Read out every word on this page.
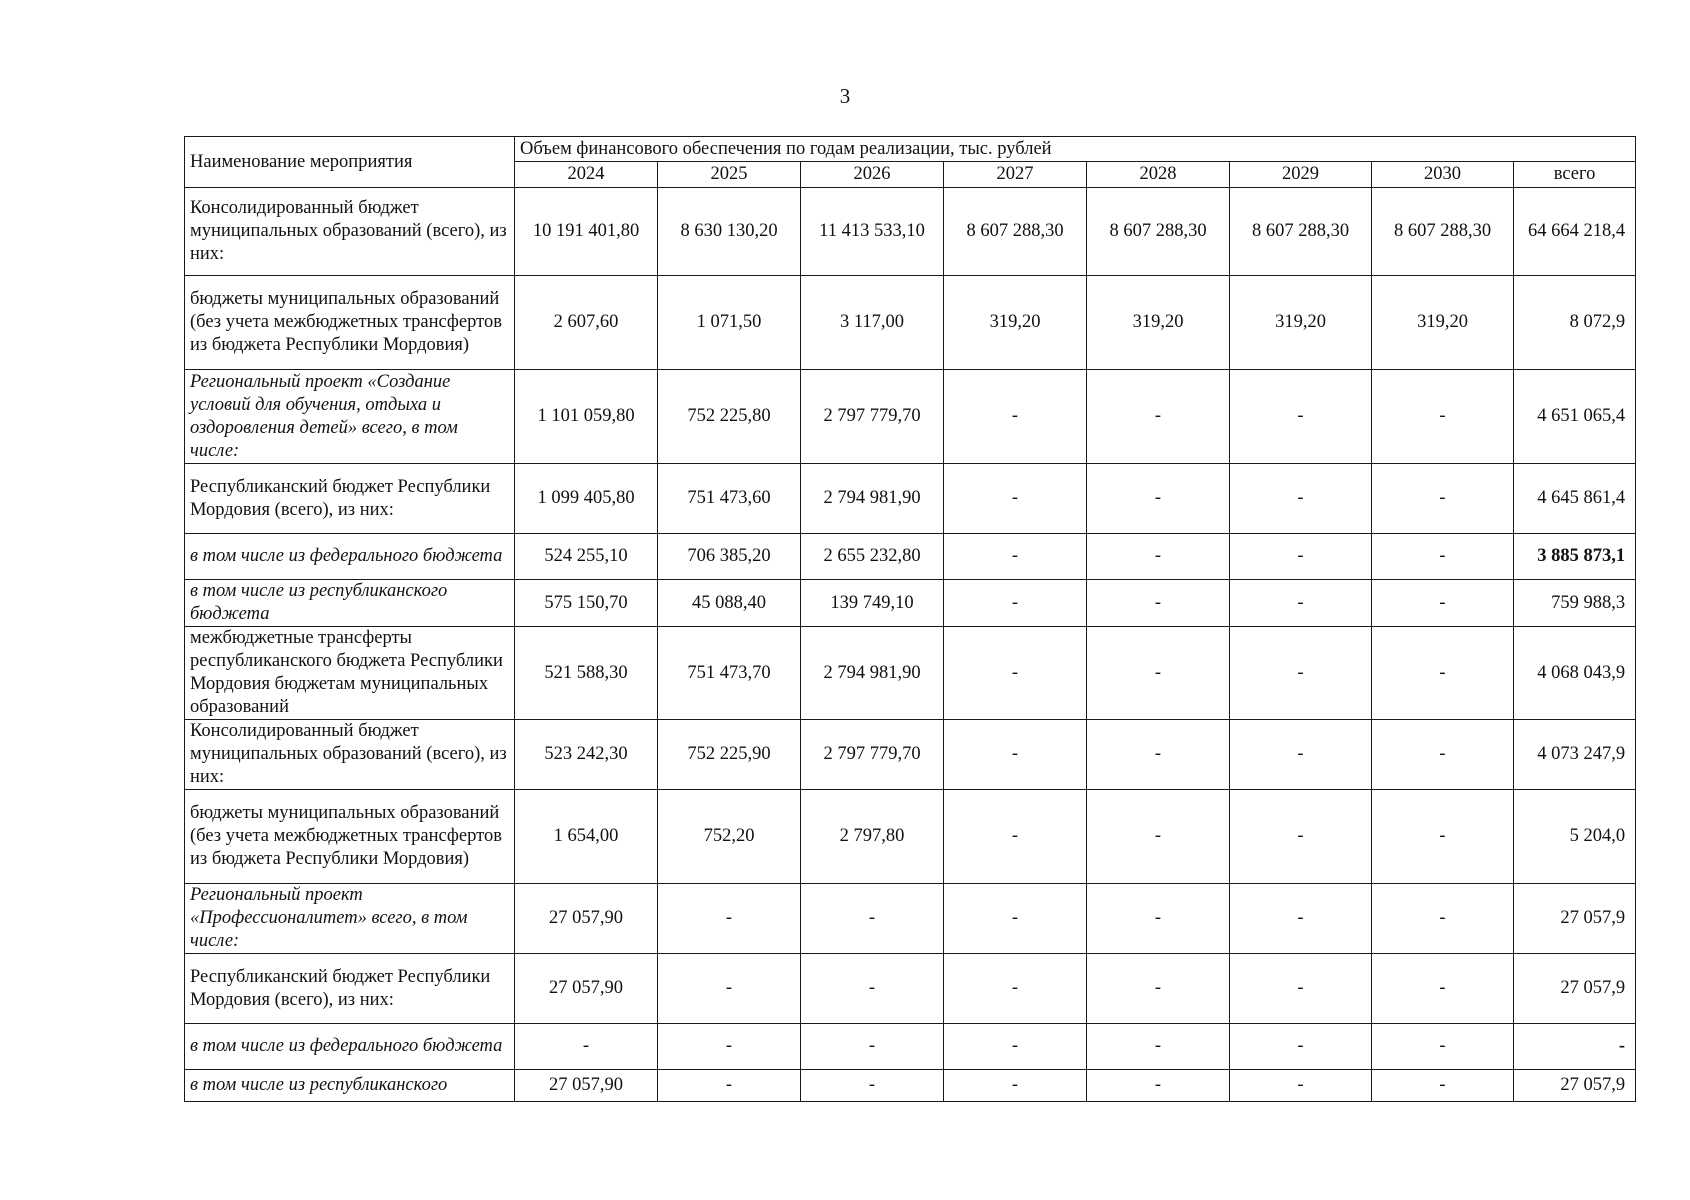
3
Наименование мероприятия	Объем финансового обеспечения по годам реализации, тыс. рублей							
	2024	2025	2026	2027	2028	2029	2030	всего
Консолидированный бюджет муниципальных образований (всего), из них:	10 191 401,80	8 630 130,20	11 413 533,10	8 607 288,30	8 607 288,30	8 607 288,30	8 607 288,30	64 664 218,4
бюджеты муниципальных образований (без учета межбюджетных трансфертов из бюджета Республики Мордовия)	2 607,60	1 071,50	3 117,00	319,20	319,20	319,20	319,20	8 072,9
Региональный проект «Создание условий для обучения, отдыха и оздоровления детей» всего, в том числе:	1 101 059,80	752 225,80	2 797 779,70	-	-	-	-	4 651 065,4
Республиканский бюджет Республики Мордовия (всего), из них:	1 099 405,80	751 473,60	2 794 981,90	-	-	-	-	4 645 861,4
в том числе из федерального бюджета	524 255,10	706 385,20	2 655 232,80	-	-	-	-	3 885 873,1
в том числе из республиканского бюджета	575 150,70	45 088,40	139 749,10	-	-	-	-	759 988,3
межбюджетные трансферты республиканского бюджета Республики Мордовия бюджетам муниципальных образований	521 588,30	751 473,70	2 794 981,90	-	-	-	-	4 068 043,9
Консолидированный бюджет муниципальных образований (всего), из них:	523 242,30	752 225,90	2 797 779,70	-	-	-	-	4 073 247,9
бюджеты муниципальных образований (без учета межбюджетных трансфертов из бюджета Республики Мордовия)	1 654,00	752,20	2 797,80	-	-	-	-	5 204,0
Региональный проект «Профессионалитет» всего, в том числе:	27 057,90	-	-	-	-	-	-	27 057,9
Республиканский бюджет Республики Мордовия (всего), из них:	27 057,90	-	-	-	-	-	-	27 057,9
в том числе из федерального бюджета	-	-	-	-	-	-	-	-
в том числе из республиканского	27 057,90	-	-	-	-	-	-	27 057,9
